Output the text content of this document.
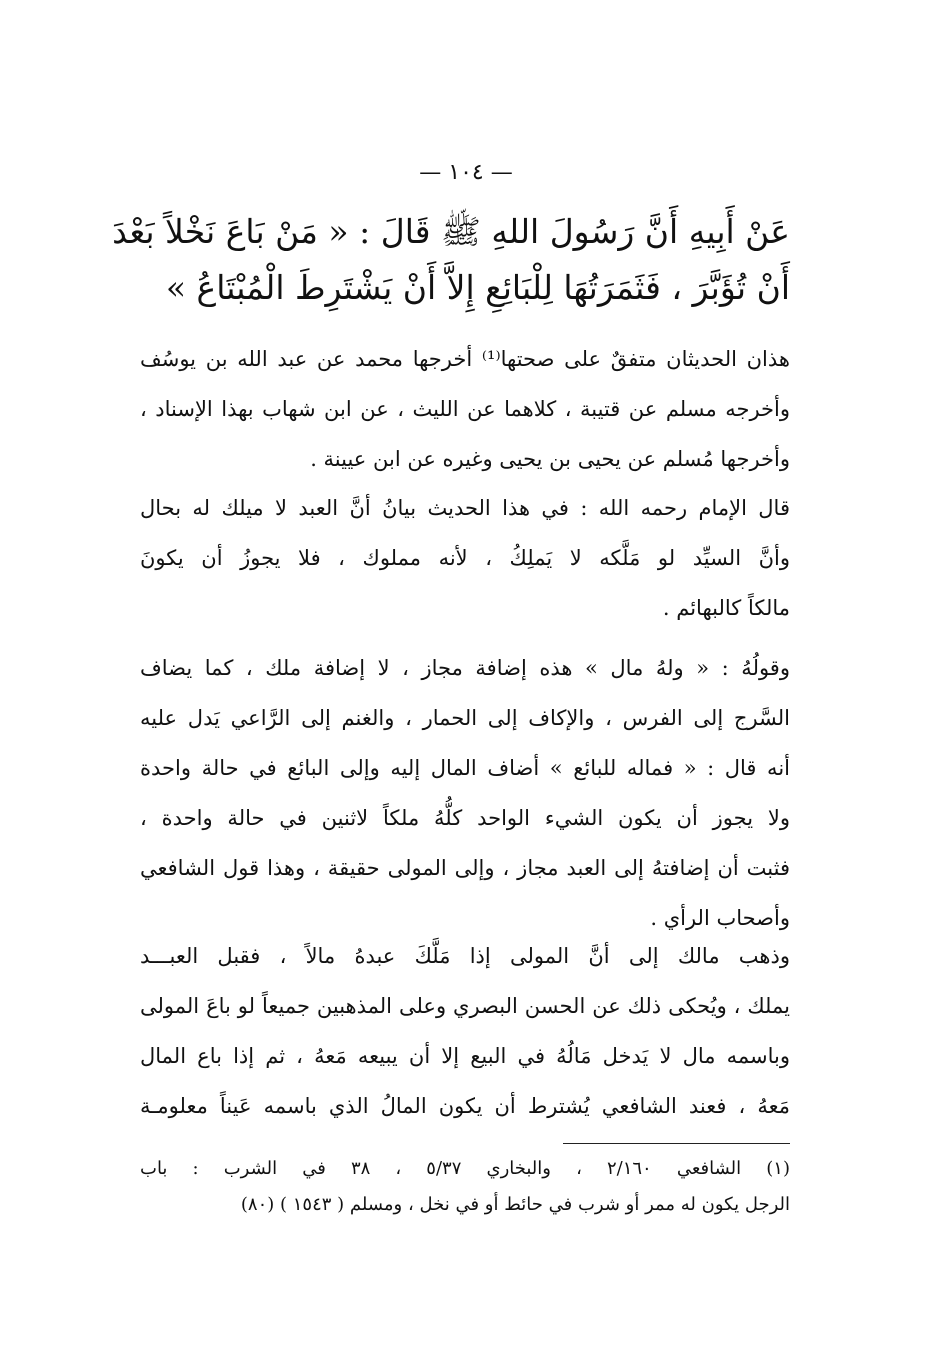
— ١٠٤ —
عَنْ أَبِيهِ أَنَّ رَسُولَ اللهِ ﷺ قَالَ : « مَنْ بَاعَ نَخْلاً بَعْدَ
أَنْ تُؤَبَّرَ ، فَثَمَرَتُهَا لِلْبَائِعِ إِلاَّ أَنْ يَشْتَرِطَ الْمُبْتَاعُ »
هذان الحديثان متفقٌ على صحتها⁽¹⁾ أخرجها محمد عن عبد الله بن يوسُف
وأخرجه مسلم عن قتيبة ، كلاهما عن الليث ، عن ابن شهاب بهذا الإسناد ،
وأخرجها مُسلم عن يحيى بن يحيى وغيره عن ابن عيينة .
قال الإمام رحمه الله : في هذا الحديث بيانُ أنَّ العبد لا ميلك له بحال
وأنَّ السيِّد لو مَلَّكه لا يَملِكُ ، لأنه مملوك ، فلا يجوزُ أن يكونَ
مالكاً كالبهائم .
وقولُهُ : « ولهُ مال » هذه إضافة مجاز ، لا إضافة ملك ، كما يضاف
السَّرج إلى الفرس ، والإكاف إلى الحمار ، والغنم إلى الرَّاعي يَدل عليه
أنه قال : « فماله للبائع » أضاف المال إليه وإلى البائع في حالة واحدة
ولا يجوز أن يكون الشيء الواحد كلُّهُ ملكاً لاثنين في حالة واحدة ،
فثبت أن إضافتهُ إلى العبد مجاز ، وإلى المولى حقيقة ، وهذا قول الشافعي
وأصحاب الرأي .
وذهب مالك إلى أنَّ المولى إذا مَلَّكَ عبدهُ مالاً ، فقبل العبـــد
يملك ، ويُحكى ذلك عن الحسن البصري وعلى المذهبين جميعاً لو باعَ المولى
وباسمه مال لا يَدخل مَالُهُ في البيع إلا أن يبيعه مَعهُ ، ثم إذا باع المال
مَعهُ ، فعند الشافعي يُشترط أن يكون المالُ الذي باسمه عَيناً معلومـة
(١) الشافعي ٢/١٦٠ ، والبخاري ٥/٣٧ ، ٣٨ في الشرب : باب
الرجل يكون له ممر أو شرب في حائط أو في نخل ، ومسلم ( ١٥٤٣ ) (٨٠)
